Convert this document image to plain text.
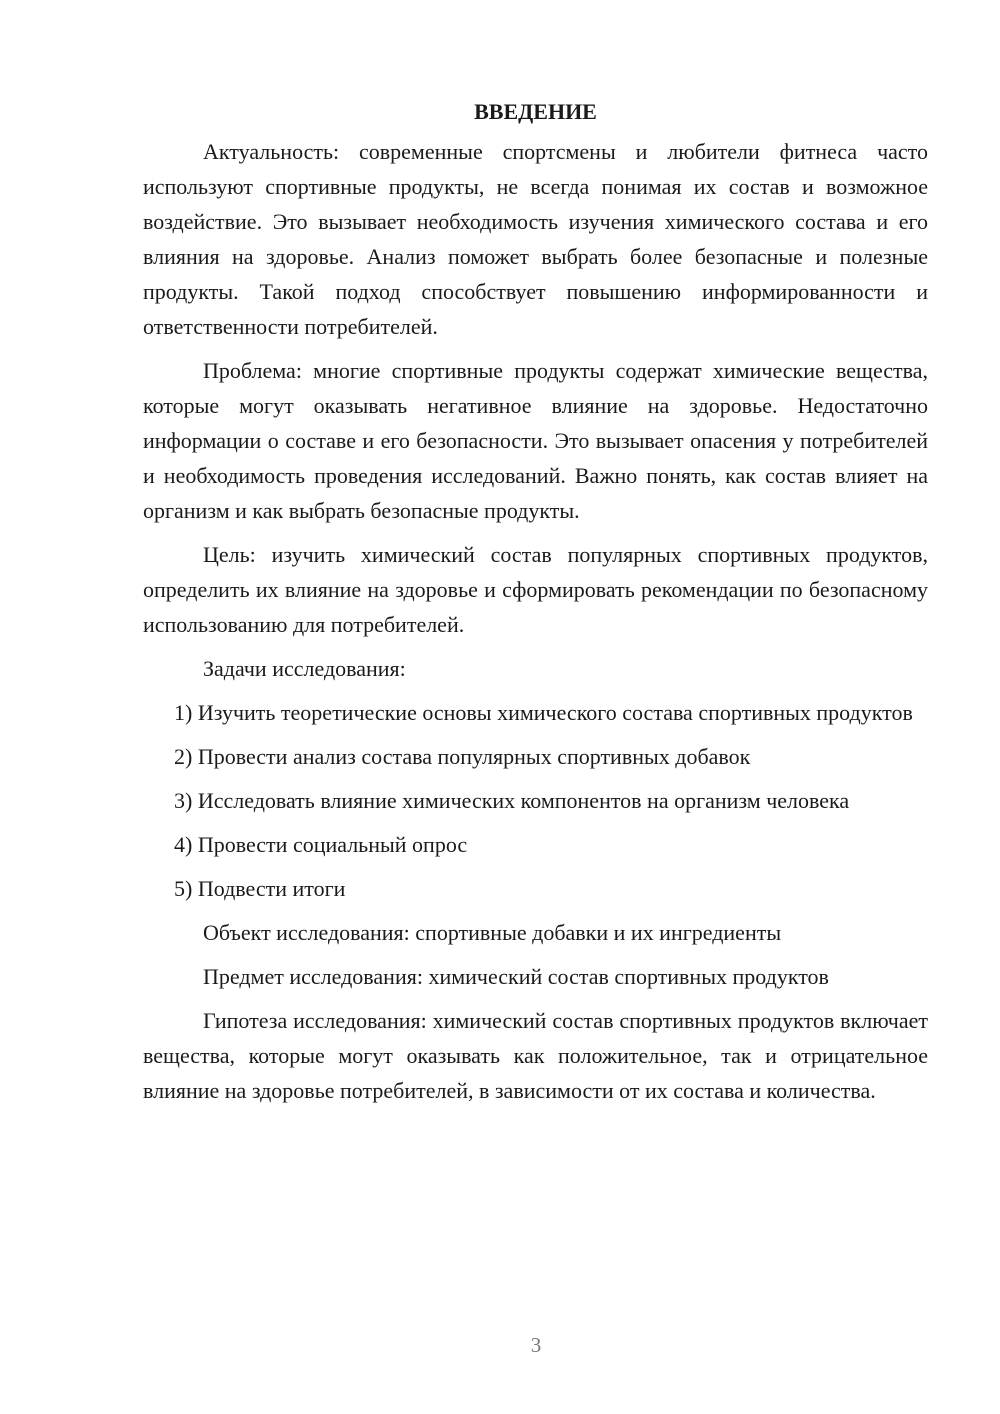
ВВЕДЕНИЕ

Актуальность: современные спортсмены и любители фитнеса часто используют спортивные продукты, не всегда понимая их состав и возможное воздействие. Это вызывает необходимость изучения химического состава и его влияния на здоровье. Анализ поможет выбрать более безопасные и полезные продукты. Такой подход способствует повышению информированности и ответственности потребителей.

Проблема: многие спортивные продукты содержат химические вещества, которые могут оказывать негативное влияние на здоровье. Недостаточно информации о составе и его безопасности. Это вызывает опасения у потребителей и необходимость проведения исследований. Важно понять, как состав влияет на организм и как выбрать безопасные продукты.

Цель: изучить химический состав популярных спортивных продуктов, определить их влияние на здоровье и сформировать рекомендации по безопасному использованию для потребителей.

Задачи исследования:

1) Изучить теоретические основы химического состава спортивных продуктов

2) Провести анализ состава популярных спортивных добавок

3) Исследовать влияние химических компонентов на организм человека

4) Провести социальный опрос

5) Подвести итоги

Объект исследования: спортивные добавки и их ингредиенты

Предмет исследования: химический состав спортивных продуктов

Гипотеза исследования: химический состав спортивных продуктов включает вещества, которые могут оказывать как положительное, так и отрицательное влияние на здоровье потребителей, в зависимости от их состава и количества.

3
